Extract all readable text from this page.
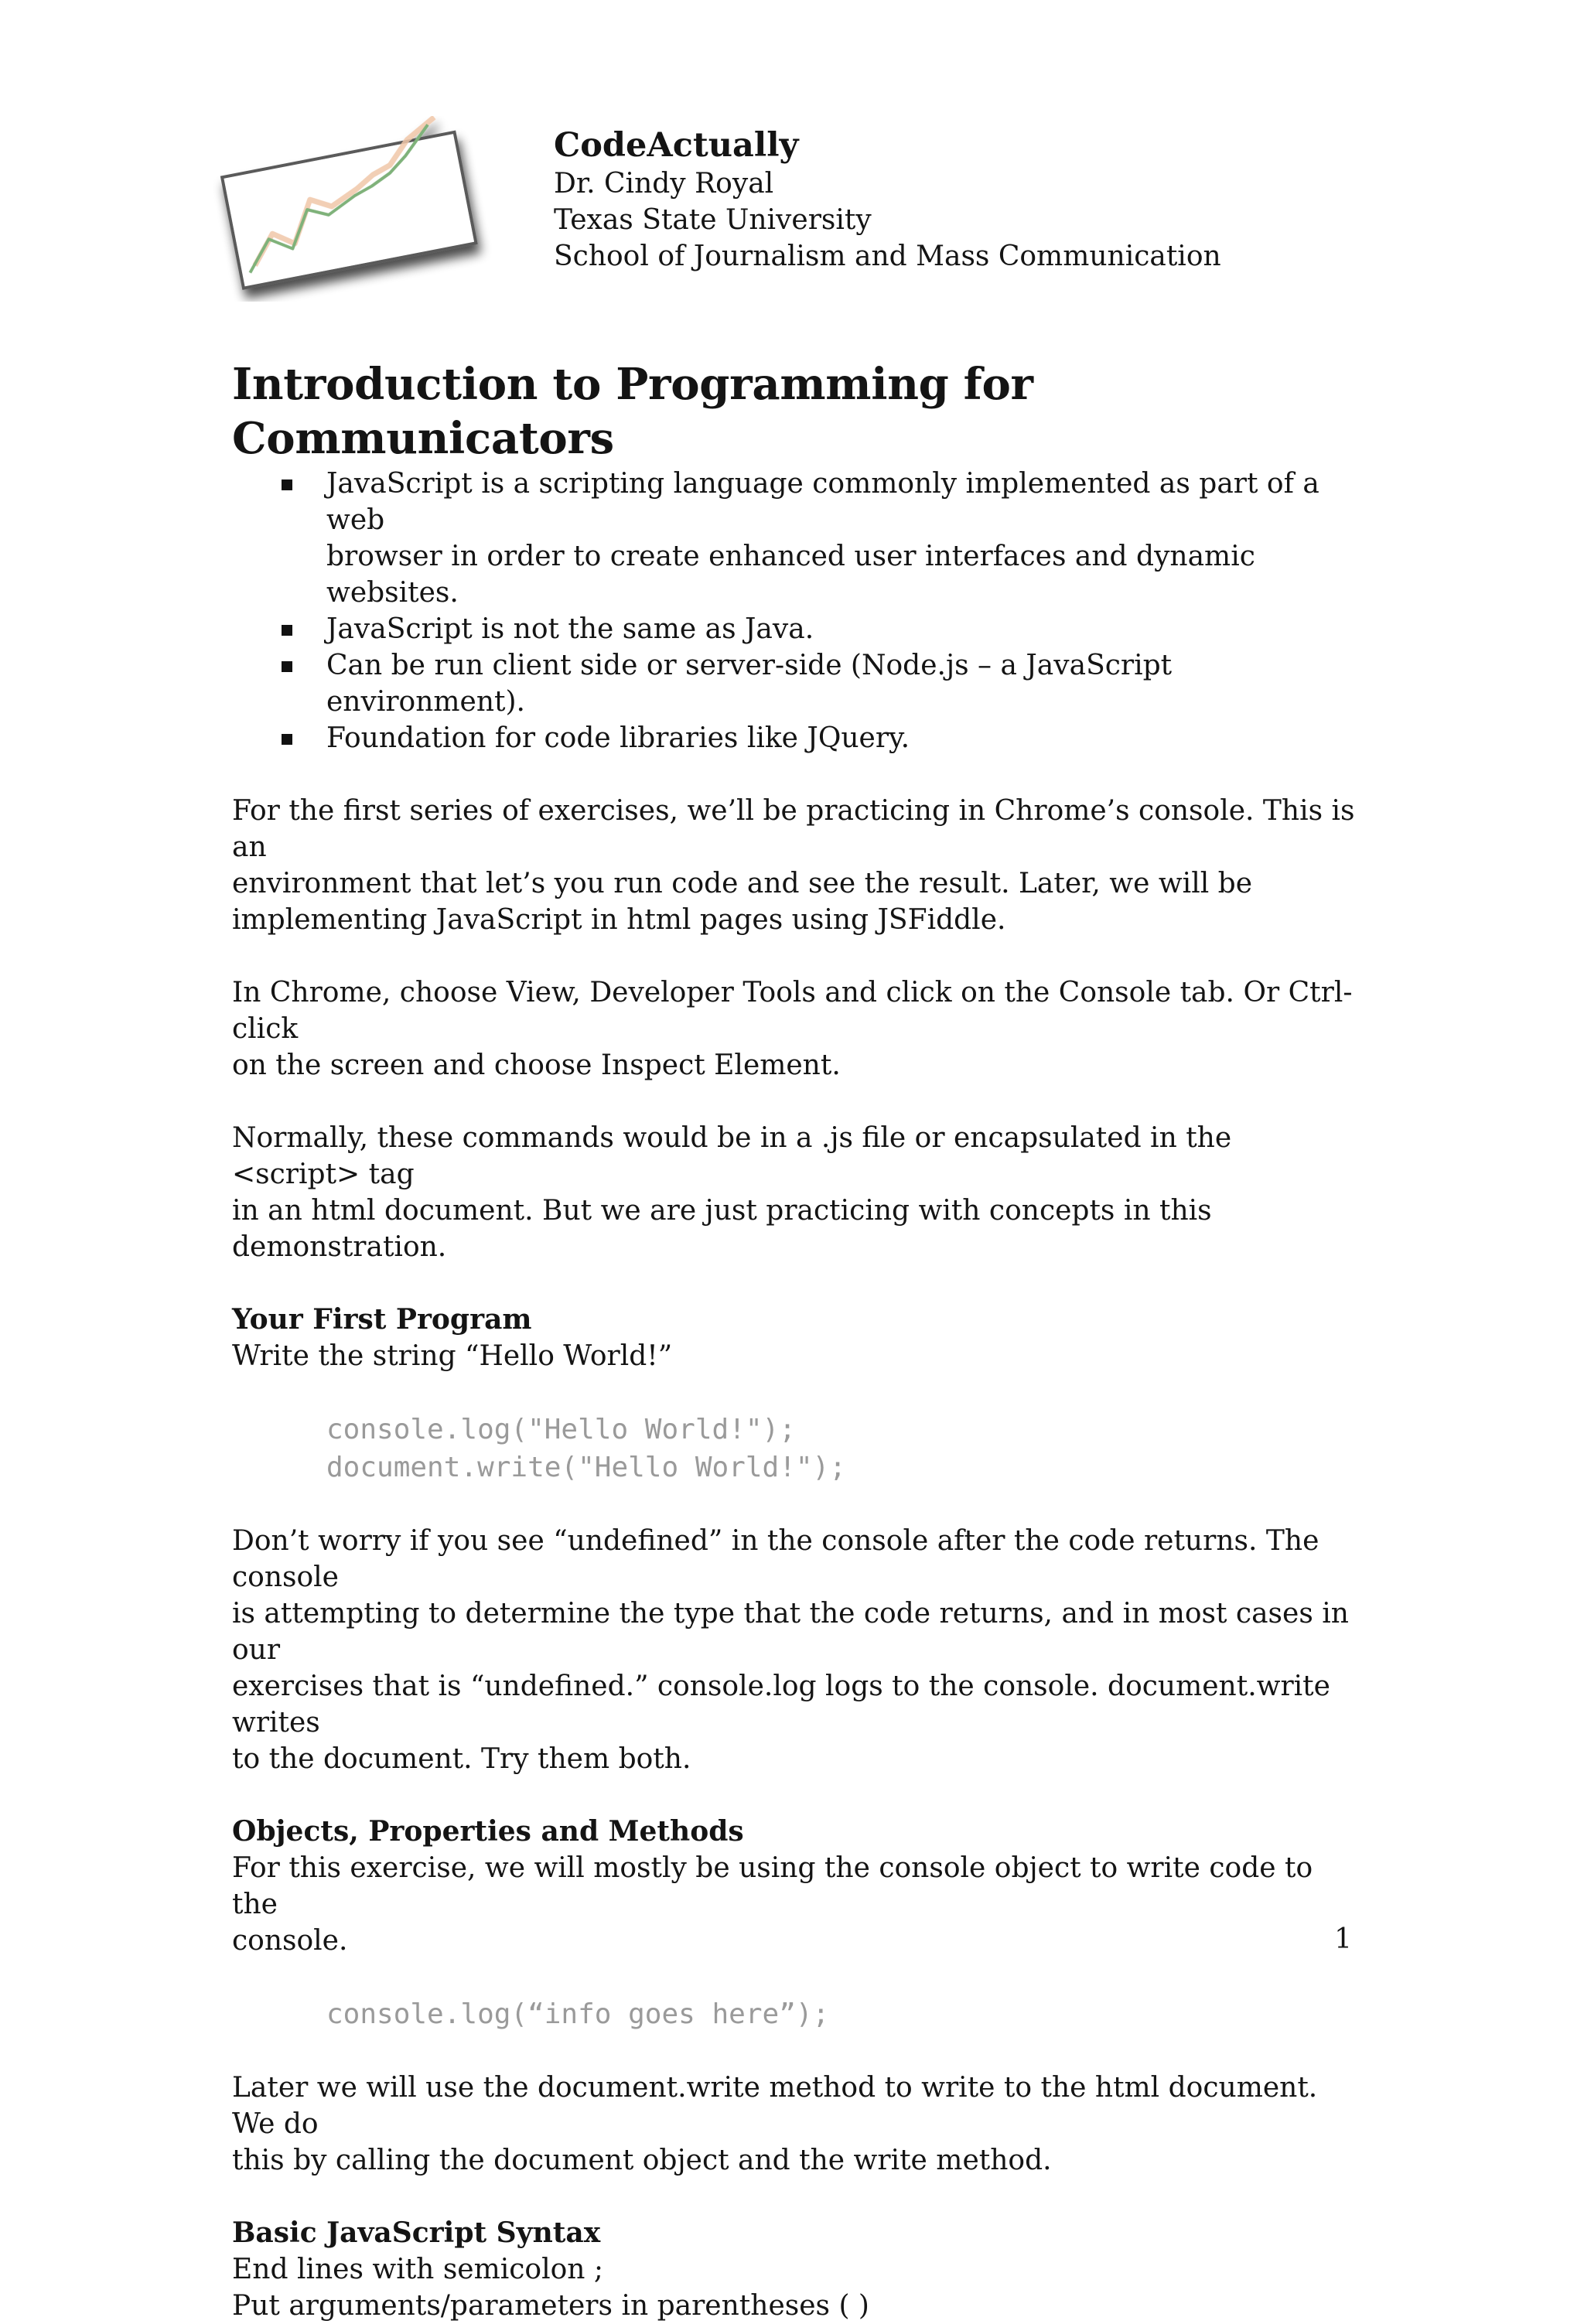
CodeActually

Dr. Cindy Royal

Texas State University

School of Journalism and Mass Communication

Introduction to Programming for Communicators
JavaScript is a scripting language commonly implemented as part of a web
browser in order to create enhanced user interfaces and dynamic websites.
JavaScript is not the same as Java.
Can be run client side or server-side (Node.js – a JavaScript environment).
Foundation for code libraries like JQuery.

For the first series of exercises, we’ll be practicing in Chrome’s console. This is an
environment that let’s you run code and see the result. Later, we will be
implementing JavaScript in html pages using JSFiddle.

In Chrome, choose View, Developer Tools and click on the Console tab. Or Ctrl-click
on the screen and choose Inspect Element.

Normally, these commands would be in a .js file or encapsulated in the <script> tag
in an html document. But we are just practicing with concepts in this demonstration.

Your First Program

Write the string “Hello World!”

console.log("Hello World!");

document.write("Hello World!");

Don’t worry if you see “undefined” in the console after the code returns. The console
is attempting to determine the type that the code returns, and in most cases in our
exercises that is “undefined.” console.log logs to the console. document.write writes
to the document. Try them both.

Objects, Properties and Methods

For this exercise, we will mostly be using the console object to write code to the
console.

console.log(“info goes here”);

Later we will use the document.write method to write to the html document. We do
this by calling the document object and the write method.

Basic JavaScript Syntax

End lines with semicolon ;

Put arguments/parameters in parentheses ( )

1
